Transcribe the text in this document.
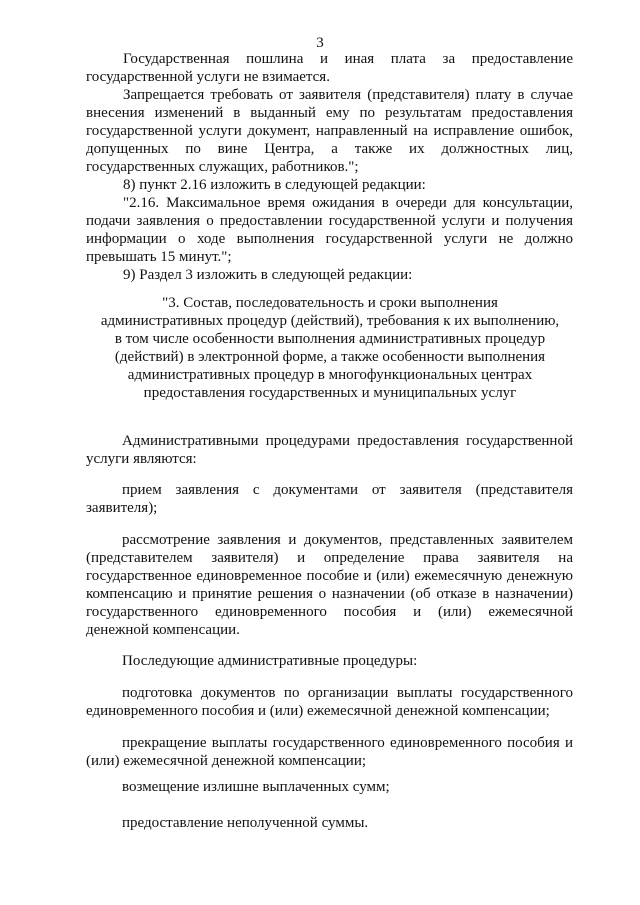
3

Государственная пошлина и иная плата за предоставление государственной услуги не взимается.

Запрещается требовать от заявителя (представителя) плату в случае внесения изменений в выданный ему по результатам предоставления государственной услуги документ, направленный на исправление ошибок, допущенных по вине Центра, а также их должностных лиц, государственных служащих, работников.";

8) пункт 2.16 изложить в следующей редакции:

"2.16. Максимальное время ожидания в очереди для консультации, подачи заявления о предоставлении государственной услуги и получения информации о ходе выполнения государственной услуги не должно превышать 15 минут.";

9) Раздел 3 изложить в следующей редакции:

"3. Состав, последовательность и сроки выполнения административных процедур (действий), требования к их выполнению, в том числе особенности выполнения административных процедур (действий) в электронной форме, а также особенности выполнения административных процедур в многофункциональных центрах предоставления государственных и муниципальных услуг

Административными процедурами предоставления государственной услуги являются:

прием заявления с документами от заявителя (представителя заявителя);

рассмотрение заявления и документов, представленных заявителем (представителем заявителя) и определение права заявителя на государственное единовременное пособие и (или) ежемесячную денежную компенсацию и принятие решения о назначении (об отказе в назначении) государственного единовременного пособия и (или) ежемесячной денежной компенсации.

Последующие административные процедуры:

подготовка документов по организации выплаты государственного единовременного пособия и (или) ежемесячной денежной компенсации;

прекращение выплаты государственного единовременного пособия и (или) ежемесячной денежной компенсации;

возмещение излишне выплаченных сумм;

предоставление неполученной суммы.
